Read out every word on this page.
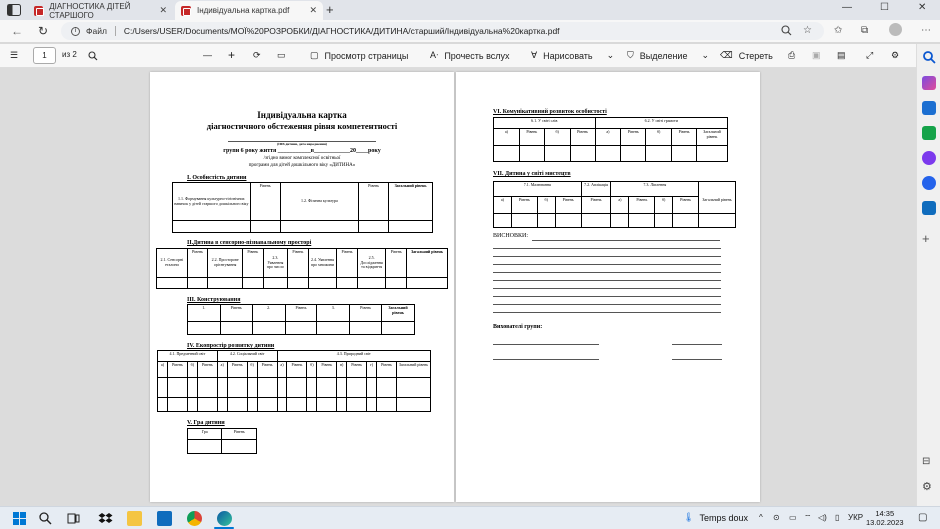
ДІАГНОСТИКА ДІТЕЙ СТАРШОГО	✕	Індивідуальна картка.pdf ✕ +	—	☐	✕
← ↻	i	Файл C:/Users/USER/Documents/МОЇ%20РОЗРОБКИ/ДІАГНОСТИКА/ДИТИНА/старший/Індивідуальна%20картка.pdf	☆ ✩ ⧉	⋯
☰	1	из 2	— + ⟳ ▭	▢ Просмотр страницы Aᐧ Прочесть вслух ∀ Нарисовать ⌄ ⛉ Выделение ⌄ ⌫ Стереть ⎙ ▣ ▤ ⤢ ⚙
+
⊟
⚙
Індивідуальна картка
діагностичного обстеження рівня компетентності
(ПІБ дитини, дата народження)
групи 6 року життя ___________в____________20____року
/згідно вимог комплексної освітньої
програми для дітей дошкільного віку «ДИТИНА»
І. Особистість дитини
1.1. Формування культурно-гігієнічних навичок у дітей старшого дошкільного віку	Рівень	1.2. Фізична культура	Рівень	Загальний рівень

ІІ.Дитина в сенсорно-пізнавальному просторі
2.1. Сенсорні еталони	Рівень	2.2. Просторове орієнтування	Рівень	2.3. Уявлення про число	Рівень	2.4. Уявлення про множини	Рівень	2.5. Дослідження та відкриття	Рівень	Загальний рівень

ІІІ. Конструювання
1.	Рівень	2.	Рівень	3.	Рівень	Загальний рівень

IV. Екопростір розвитку дитини
4.1. Предметний світ				4.2. Соціальний світ				4.3. Природний світ								
а)	Рівень	б)	Рівень	а)	Рівень	б)	Рівень	а)	Рівень	б)	Рівень	в)	Рівень	г)	Рівень	Загальний рівень

V. Гра дитини
Гра	Рівень

VІ. Комунікативний розвиток особистості
6.1. У світі слів				6.2. У світі грамоти				
а)	Рівень	б)	Рівень	а)	Рівень	б)	Рівень	Загальний рівень

VІІ. Дитина у світі мистецтв
7.1. Малювання				7.2. Аплікація	7.3. Ліплення				
а)	Рівень	б)	Рівень	Рівень	а)	Рівень	б)	Рівень	Загальний рівень

ВИСНОВКИ:
Вихователі групи:
🌡 Temps doux ^ ⊙ ▭ ⌔ ◁) ▯ УКР	14:35
13.02.2023 ▢
